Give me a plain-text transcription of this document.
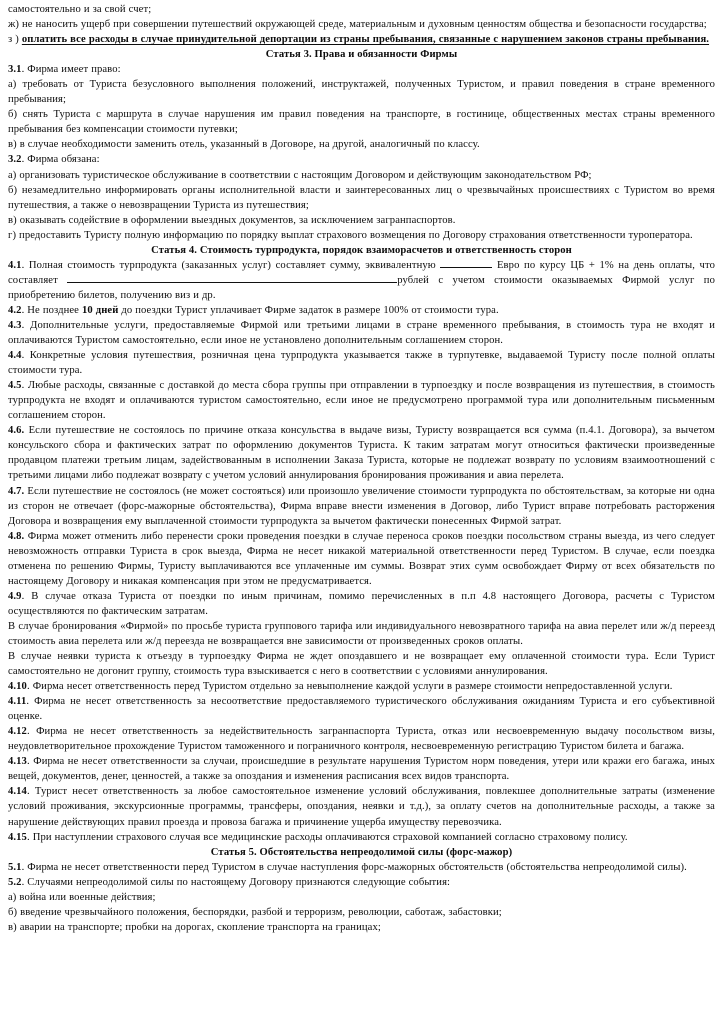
самостоятельно и за свой счет;

ж) не наносить ущерб при совершении путешествий окружающей среде, материальным и духовным ценностям общества и безопасности государства;

з ) оплатить все расходы в случае принудительной депортации из страны пребывания, связанные с нарушением законов страны пребывания.

Статья 3. Права и обязанности Фирмы

3.1. Фирма имеет право:

а) требовать от Туриста безусловного выполнения положений, инструктажей, полученных Туристом, и правил поведения в стране временного пребывания;

б) снять Туриста с маршрута в случае нарушения им правил поведения на транспорте, в гостинице, общественных местах страны временного пребывания без компенсации стоимости путевки;

в) в случае необходимости заменить отель, указанный в Договоре, на другой, аналогичный по классу.

3.2. Фирма обязана:

а) организовать туристическое обслуживание в соответствии с настоящим Договором и действующим законодательством РФ;

б) незамедлительно информировать органы исполнительной власти и заинтересованных лиц о чрезвычайных происшествиях с Туристом во время путешествия, а также о невозвращении Туриста из путешествия;

в) оказывать содействие в оформлении выездных документов, за исключением загранпаспортов.

г) предоставить Туристу полную информацию по порядку выплат страхового возмещения по Договору страхования ответственности туроператора.

Статья 4. Стоимость турпродукта, порядок взаиморасчетов и ответственность сторон

4.1. Полная стоимость турпродукта (заказанных услуг) составляет сумму, эквивалентную	Евро по курсу ЦБ + 1% на день оплаты, что составляет	рублей с учетом стоимости оказываемых Фирмой услуг по приобретению билетов, получению виз и др.

4.2. Не позднее 10 дней до поездки Турист уплачивает Фирме задаток в размере 100% от стоимости тура.

4.3. Дополнительные услуги, предоставляемые Фирмой или третьими лицами в стране временного пребывания, в стоимость тура не входят и оплачиваются Туристом самостоятельно, если иное не установлено дополнительным соглашением сторон.

4.4. Конкретные условия путешествия, розничная цена турпродукта указывается также в турпутевке, выдаваемой Туристу после полной оплаты стоимости тура.

4.5. Любые расходы, связанные с доставкой до места сбора группы при отправлении в турпоездку и после возвращения из путешествия, в стоимость турпродукта не входят и оплачиваются туристом самостоятельно, если иное не предусмотрено программой тура или дополнительным письменным соглашением сторон.

4.6. Если путешествие не состоялось по причине отказа консульства в выдаче визы, Туристу возвращается вся сумма (п.4.1. Договора), за вычетом консульского сбора и фактических затрат по оформлению документов Туриста. К таким затратам могут относиться фактически произведенные продавцом платежи третьим лицам, задействованным в исполнении Заказа Туриста, которые не подлежат возврату по условиям взаимоотношений с третьими лицами либо подлежат возврату с учетом условий аннулирования бронирования проживания и авиа перелета.

4.7. Если путешествие не состоялось (не может состояться) или произошло увеличение стоимости турпродукта по обстоятельствам, за которые ни одна из сторон не отвечает (форс-мажорные обстоятельства), Фирма вправе внести изменения в Договор, либо Турист вправе потребовать расторжения Договора и возвращения ему выплаченной стоимости турпродукта за вычетом фактически понесенных Фирмой затрат.

4.8. Фирма может отменить либо перенести сроки проведения поездки в случае переноса сроков поездки посольством страны выезда, из чего следует невозможность отправки Туриста в срок выезда, Фирма не несет никакой материальной ответственности перед Туристом. В случае, если поездка отменена по решению Фирмы, Туристу выплачиваются все уплаченные им суммы. Возврат этих сумм освобождает Фирму от всех обязательств по настоящему Договору и никакая компенсация при этом не предусматривается.

4.9. В случае отказа Туриста от поездки по иным причинам, помимо перечисленных в п.п 4.8 настоящего Договора, расчеты с Туристом осуществляются по фактическим затратам.

В случае бронирования «Фирмой» по просьбе туриста группового тарифа или индивидуального невозвратного тарифа на авиа перелет или ж/д переезд стоимость авиа перелета или ж/д переезда не возвращается вне зависимости от произведенных сроков оплаты.

В случае неявки туриста к отъезду в турпоездку Фирма не ждет опоздавшего и не возвращает ему оплаченной стоимости тура. Если Турист самостоятельно не догонит группу, стоимость тура взыскивается с него в соответствии с условиями аннулирования.

4.10. Фирма несет ответственность перед Туристом отдельно за невыполнение каждой услуги в размере стоимости непредоставленной услуги.

4.11. Фирма не несет ответственность за несоответствие предоставляемого туристического обслуживания ожиданиям Туриста и его субъективной оценке.

4.12. Фирма не несет ответственность за недействительность загранпаспорта Туриста, отказ или несвоевременную выдачу посольством визы, неудовлетворительное прохождение Туристом таможенного и пограничного контроля, несвоевременную регистрацию Туристом билета и багажа.

4.13. Фирма не несет ответственности за случаи, происшедшие в результате нарушения Туристом норм поведения, утери или кражи его багажа, иных вещей, документов, денег, ценностей, а также за опоздания и изменения расписания всех видов транспорта.

4.14. Турист несет ответственность за любое самостоятельное изменение условий обслуживания, повлекшее дополнительные затраты (изменение условий проживания, экскурсионные программы, трансферы, опоздания, неявки и т.д.), за оплату счетов на дополнительные расходы, а также за нарушение действующих правил проезда и провоза багажа и причинение ущерба имуществу перевозчика.

4.15. При наступлении страхового случая все медицинские расходы оплачиваются страховой компанией согласно страховому полису.

Статья 5. Обстоятельства непреодолимой силы (форс-мажор)

5.1. Фирма не несет ответственности перед Туристом в случае наступления форс-мажорных обстоятельств (обстоятельства непреодолимой силы).

5.2. Случаями непреодолимой силы по настоящему Договору признаются следующие события:

а) война или военные действия;

б) введение чрезвычайного положения, беспорядки, разбой и терроризм, революции, саботаж, забастовки;

в) аварии на транспорте; пробки на дорогах, скопление транспорта на границах;
